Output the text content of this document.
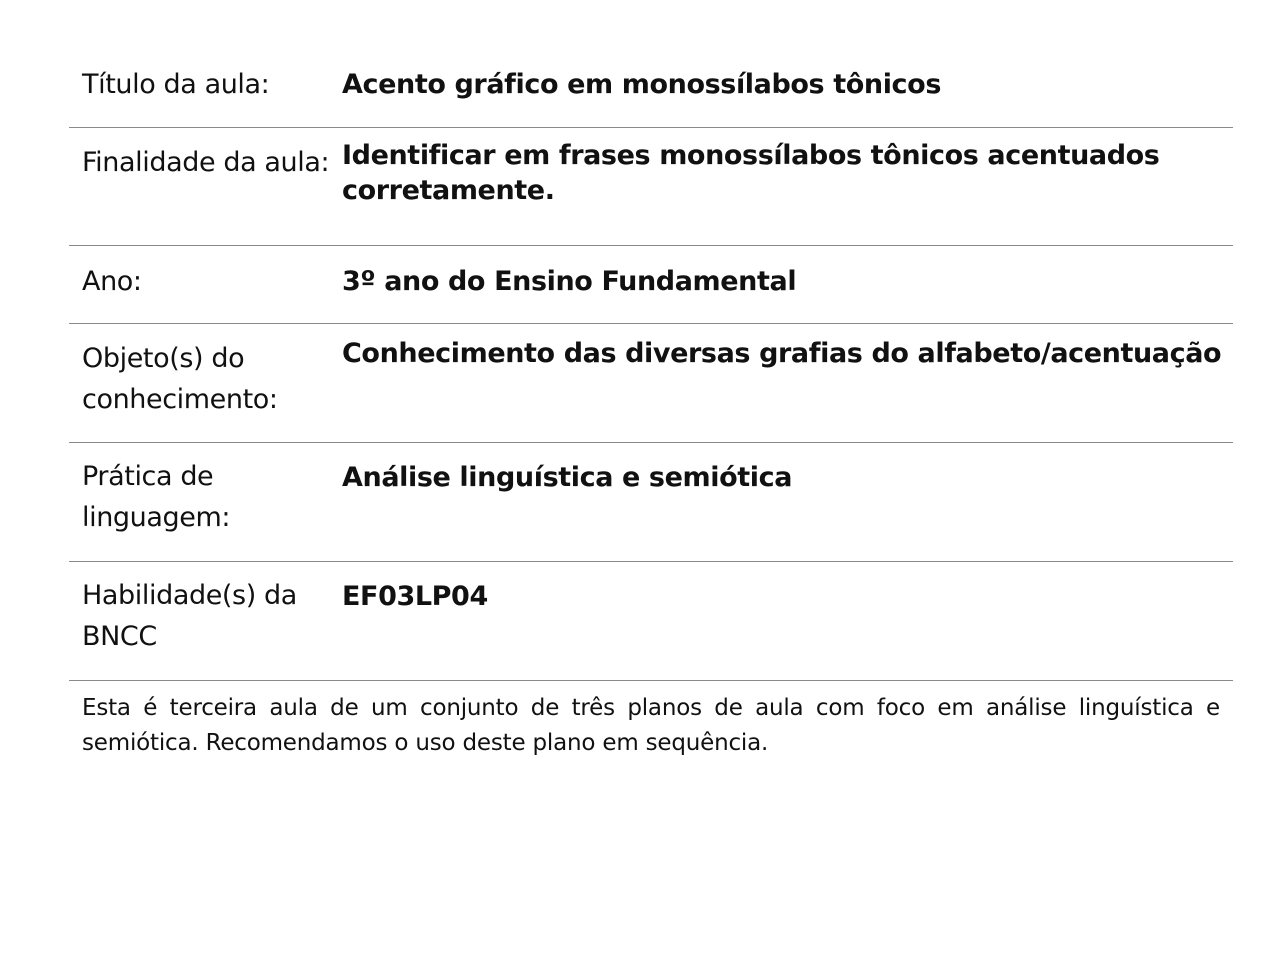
Título da aula:	Acento gráfico em monossílabos tônicos
Finalidade da aula: Identificar em frases monossílabos tônicos acentuados corretamente.
Ano:	3º ano do Ensino Fundamental
Objeto(s) do conhecimento:
Conhecimento das diversas grafias do alfabeto/acentuação
Prática de linguagem:
Análise linguística e semiótica
Habilidade(s) da BNCC
EF03LP04

Esta é terceira aula de um conjunto de três planos de aula com foco em análise linguística e semiótica. Recomendamos o uso deste plano em sequência.
